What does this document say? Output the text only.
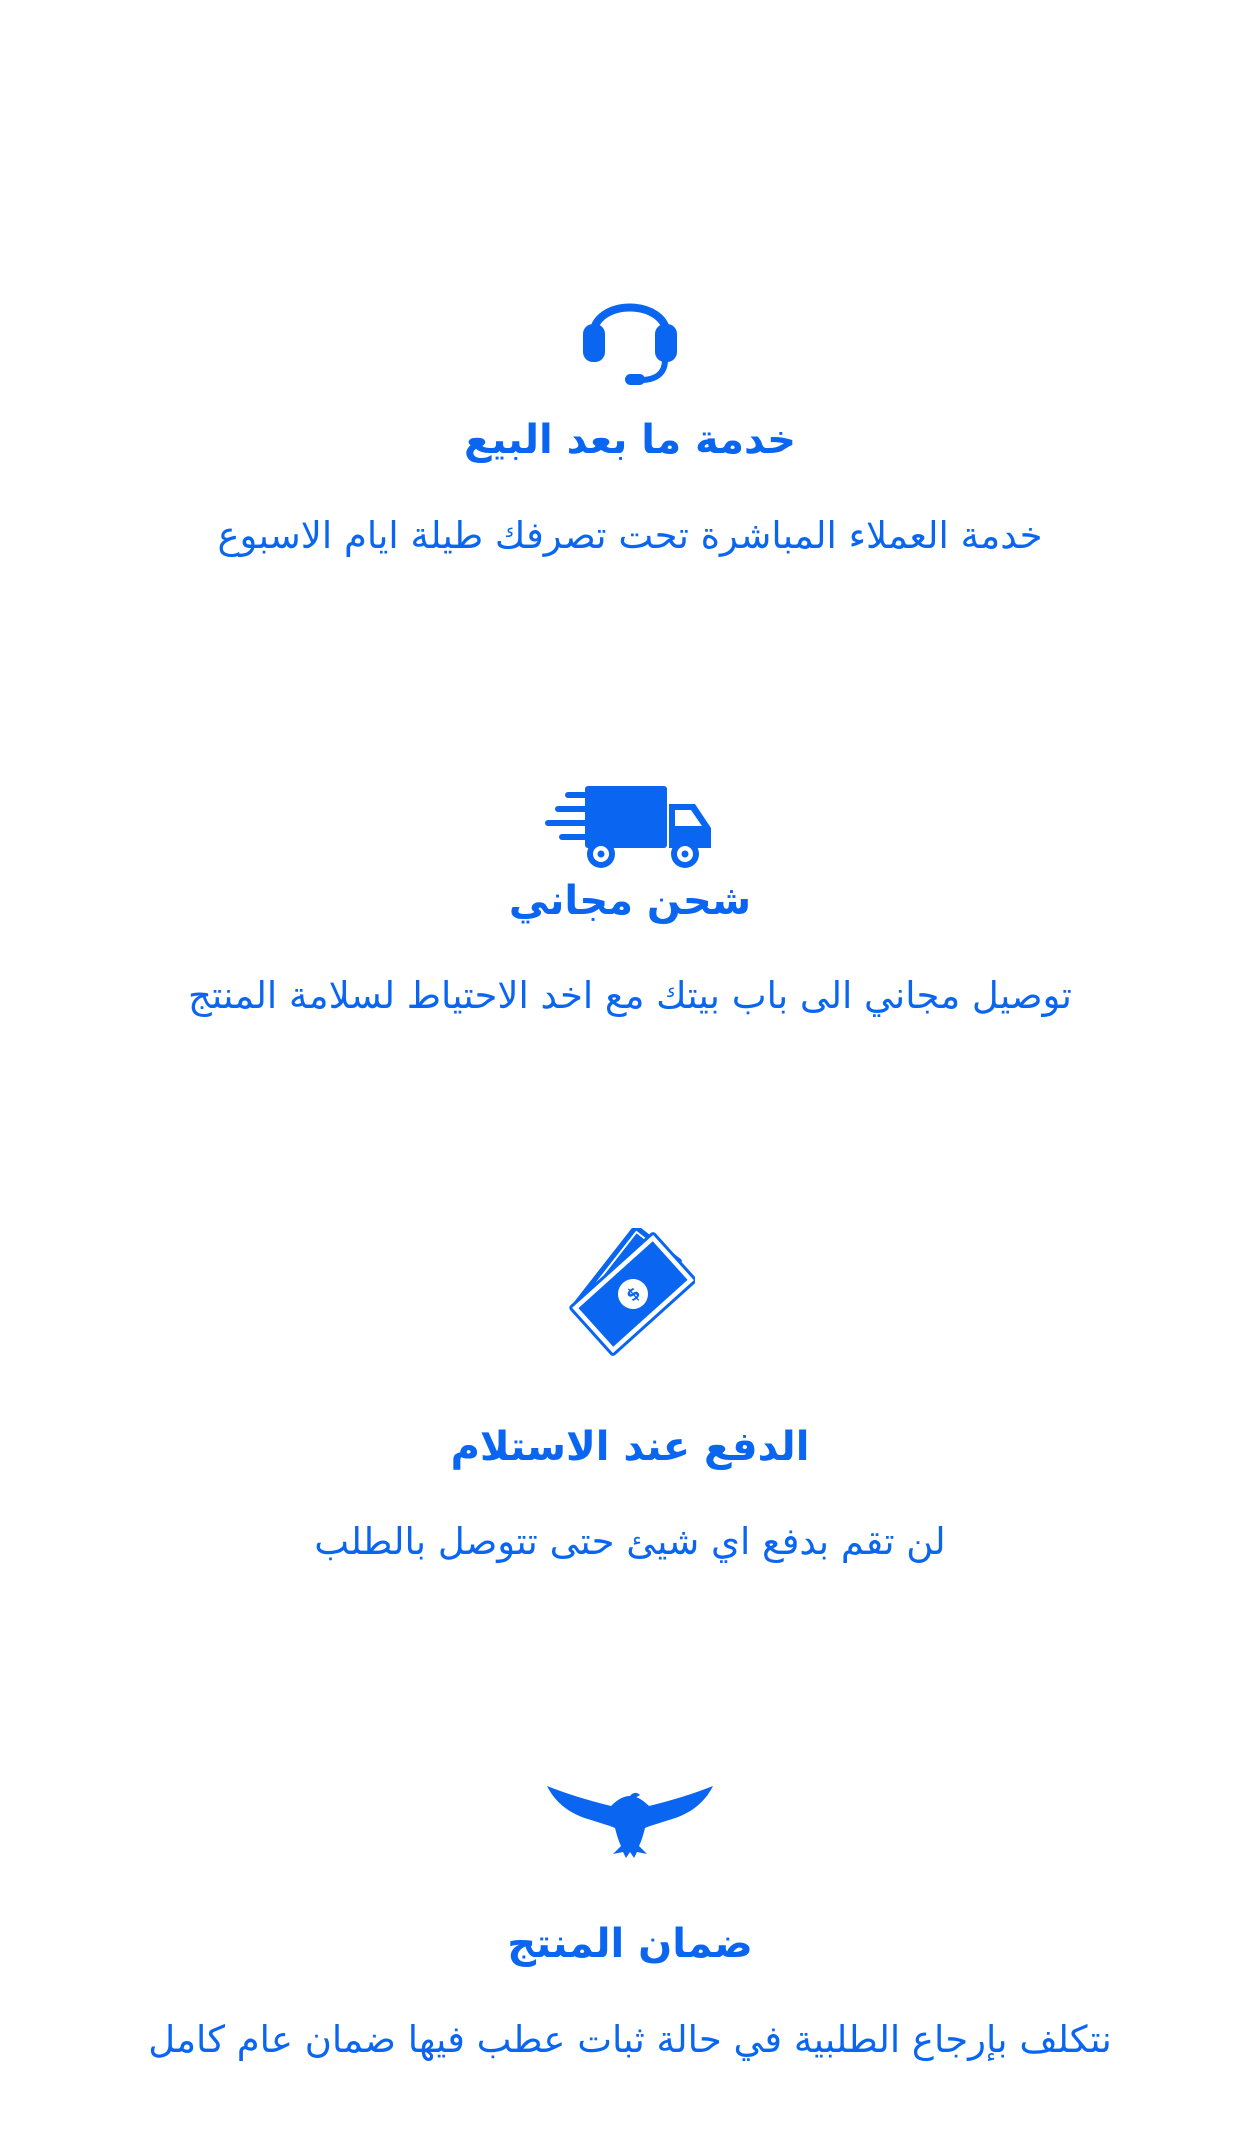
خدمة ما بعد البيع
خدمة العملاء المباشرة تحت تصرفك طيلة ايام الاسبوع
شحن مجاني
توصيل مجاني الى باب بيتك مع اخد الاحتياط لسلامة المنتج
$
الدفع عند الاستلام
لن تقم بدفع اي شيئ حتى تتوصل بالطلب
ضمان المنتج
نتكلف بإرجاع الطلبية في حالة ثبات عطب فيها ضمان عام كامل
